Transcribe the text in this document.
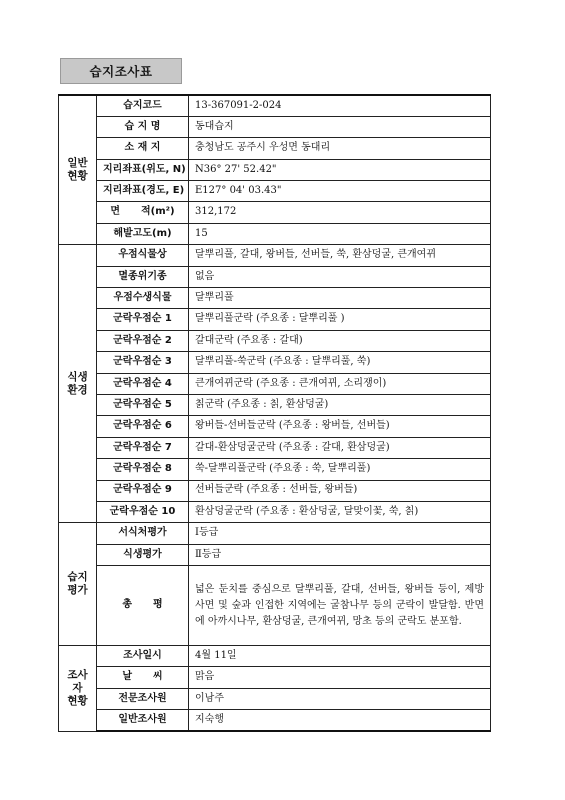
습지조사표
일반
현황	습지코드	13-367091-2-024
	습 지 명	동대습지
	소 재 지	충청남도 공주시 우성면 동대리
	지리좌표(위도, N)	N36° 27' 52.42"
	지리좌표(경도, E)	E127° 04' 03.43"
	면      적(m²)	312,172
	해발고도(m)	15
식생
환경	우점식물상	달뿌리풀, 갈대, 왕버들, 선버들, 쑥, 환삼덩굴, 큰개여뀌
	멸종위기종	없음
	우점수생식물	달뿌리풀
	군락우점순 1	달뿌리풀군락 (주요종 : 달뿌리풀 )
	군락우점순 2	갈대군락 (주요종 : 갈대)
	군락우점순 3	달뿌리풀-쑥군락 (주요종 : 달뿌리풀, 쑥)
	군락우점순 4	큰개여뀌군락 (주요종 : 큰개여뀌, 소리쟁이)
	군락우점순 5	칡군락 (주요종 : 칡, 환삼덩굴)
	군락우점순 6	왕버들-선버들군락 (주요종 : 왕버들, 선버들)
	군락우점순 7	갈대-환삼덩굴군락 (주요종 : 갈대, 환삼덩굴)
	군락우점순 8	쑥-달뿌리풀군락 (주요종 : 쑥, 달뿌리풀)
	군락우점순 9	선버들군락 (주요종 : 선버들, 왕버들)
	군락우점순 10	환삼덩굴군락 (주요종 : 환삼덩굴, 달맞이꽃, 쑥, 칡)
습지
평가	서식처평가	Ⅰ등급
	식생평가	Ⅱ등급
	총      평	넓은 둔치를 중심으로 달뿌리풀, 갈대, 선버들, 왕버들 등이, 제방사면 및 숲과 인접한 지역에는 굴참나무 등의 군락이 발달함. 반면에 아까시나무, 환삼덩굴, 큰개여뀌, 망초 등의 군락도 분포함.
조사자
현황	조사일시	4월 11일
	날      씨	맑음
	전문조사원	이남주
	일반조사원	지숙행
